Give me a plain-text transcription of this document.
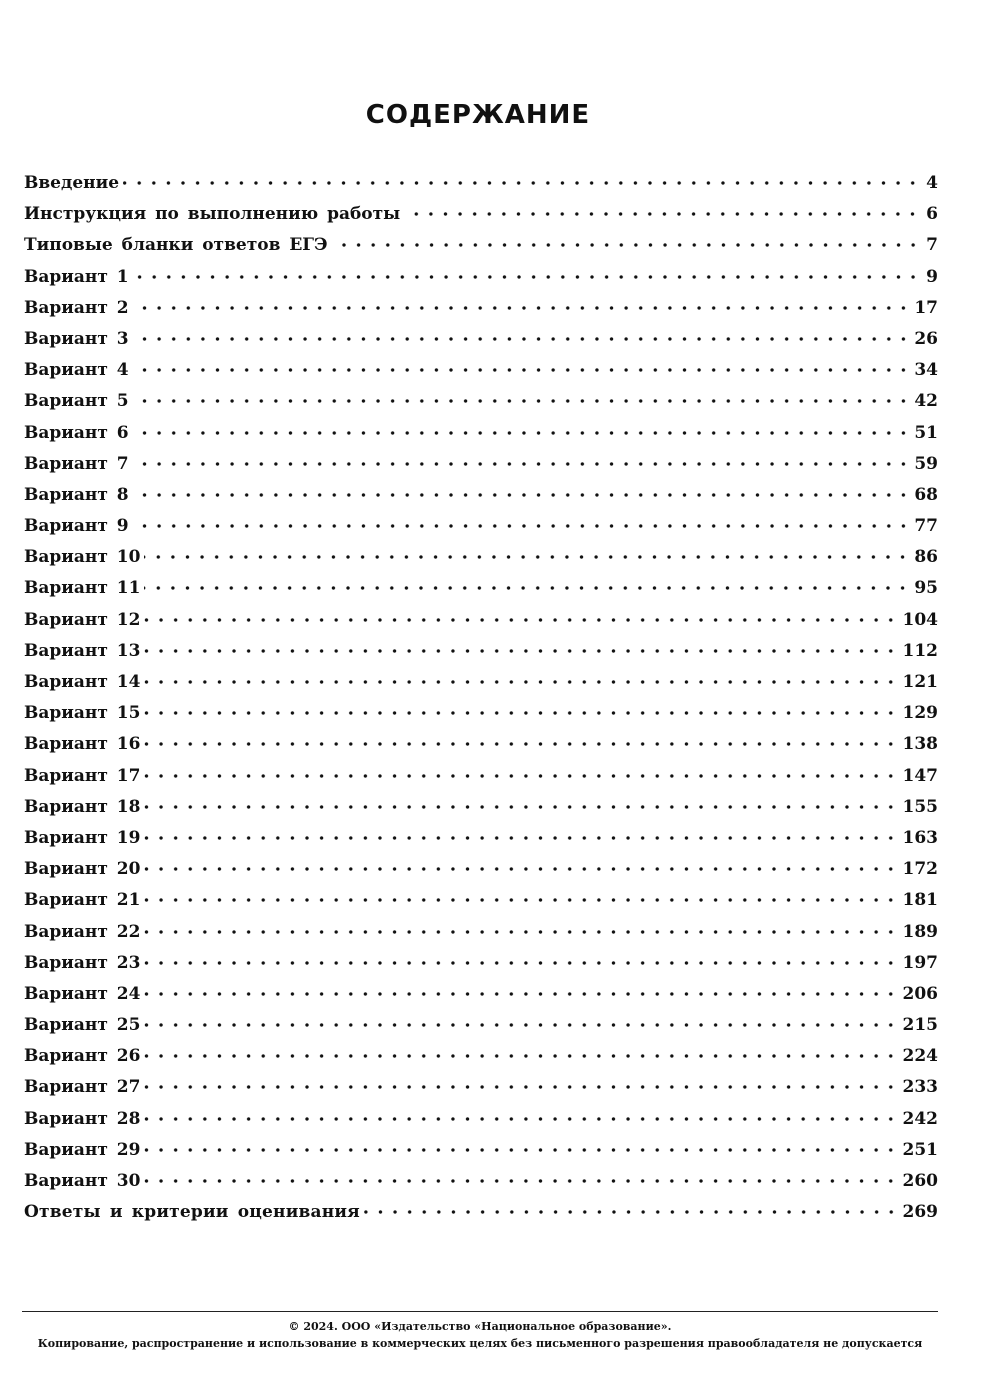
СОДЕРЖАНИЕ
Введение	4
Инструкция по выполнению работы	6
Типовые бланки ответов ЕГЭ	7
Вариант 1	9
Вариант 2	17
Вариант 3	26
Вариант 4	34
Вариант 5	42
Вариант 6	51
Вариант 7	59
Вариант 8	68
Вариант 9	77
Вариант 10	86
Вариант 11	95
Вариант 12	104
Вариант 13	112
Вариант 14	121
Вариант 15	129
Вариант 16	138
Вариант 17	147
Вариант 18	155
Вариант 19	163
Вариант 20	172
Вариант 21	181
Вариант 22	189
Вариант 23	197
Вариант 24	206
Вариант 25	215
Вариант 26	224
Вариант 27	233
Вариант 28	242
Вариант 29	251
Вариант 30	260
Ответы и критерии оценивания	269

© 2024. ООО «Издательство «Национальное образование».

Копирование, распространение и использование в коммерческих целях без письменного разрешения правообладателя не допускается
